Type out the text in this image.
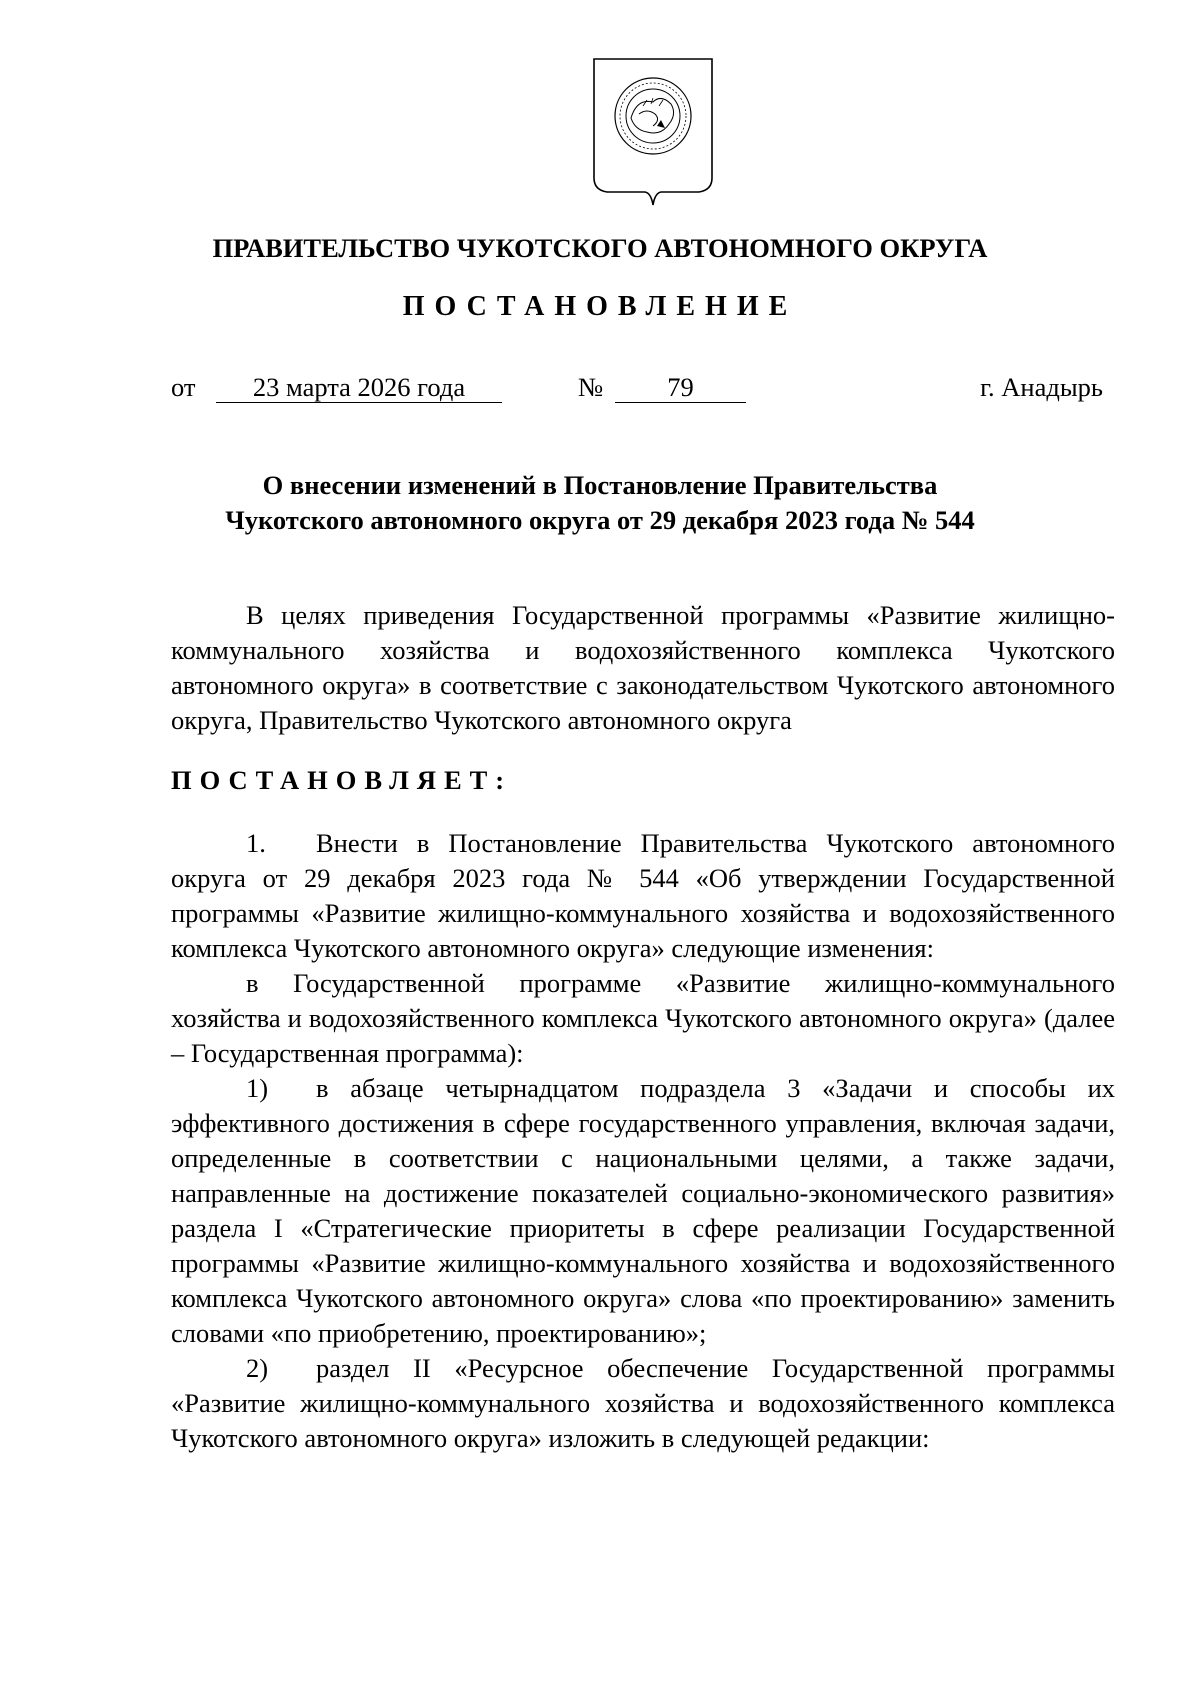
ПРАВИТЕЛЬСТВО ЧУКОТСКОГО АВТОНОМНОГО ОКРУГА
ПОСТАНОВЛЕНИЕ
от	23 марта 2026 года	№	79	г. Анадырь
О внесении изменений в Постановление Правительства
Чукотского автономного округа от 29 декабря 2023 года № 544

В целях приведения Государственной программы «Развитие жилищно-коммунального хозяйства и водохозяйственного комплекса Чукотского автономного округа» в соответствие с законодательством Чукотского автономного округа, Правительство Чукотского автономного округа

ПОСТАНОВЛЯЕТ:

1. Внести в Постановление Правительства Чукотского автономного округа от 29 декабря 2023 года № 544 «Об утверждении Государственной программы «Развитие жилищно-коммунального хозяйства и водохозяйственного комплекса Чукотского автономного округа» следующие изменения:

в Государственной программе «Развитие жилищно-коммунального хозяйства и водохозяйственного комплекса Чукотского автономного округа» (далее – Государственная программа):

1) в абзаце четырнадцатом подраздела 3 «Задачи и способы их эффективного достижения в сфере государственного управления, включая задачи, определенные в соответствии с национальными целями, а также задачи, направленные на достижение показателей социально-экономического развития» раздела I «Стратегические приоритеты в сфере реализации Государственной программы «Развитие жилищно-коммунального хозяйства и водохозяйственного комплекса Чукотского автономного округа» слова «по проектированию» заменить словами «по приобретению, проектированию»;

2) раздел II «Ресурсное обеспечение Государственной программы «Развитие жилищно-коммунального хозяйства и водохозяйственного комплекса Чукотского автономного округа» изложить в следующей редакции:
